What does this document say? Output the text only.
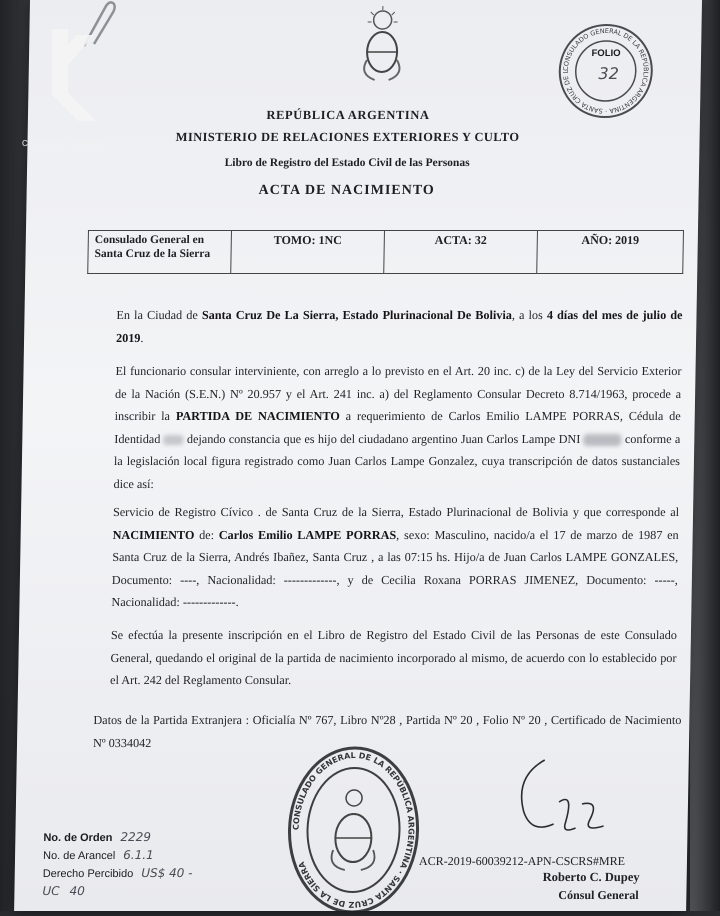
REPÚBLICA ARGENTINA
MINISTERIO DE RELACIONES EXTERIORES Y CULTO
Libro de Registro del Estado Civil de las Personas
ACTA DE NACIMIENTO
CONSULADO GENERAL DE LA REPÚBLICA ARGENTINA · SANTA CRUZ DE LA
FOLIO
32
Consulado General en Santa Cruz de la Sierra	TOMO: 1NC	ACTA: 32	AÑO: 2019
En la Ciudad de Santa Cruz De La Sierra, Estado Plurinacional De Bolivia, a los 4 días del mes de julio de 2019.
El funcionario consular interviniente, con arreglo a lo previsto en el Art. 20 inc. c) de la Ley del Servicio Exterior de la Nación (S.E.N.) Nº 20.957 y el Art. 241 inc. a) del Reglamento Consular Decreto 8.714/1963, procede a inscribir la PARTIDA DE NACIMIENTO a requerimiento de Carlos Emilio LAMPE PORRAS, Cédula de Identidad  dejando constancia que es hijo del ciudadano argentino Juan Carlos Lampe DNI	conforme a la legislación local figura registrado como Juan Carlos Lampe Gonzalez, cuya transcripción de datos sustanciales dice así:
Servicio de Registro Cívico . de Santa Cruz de la Sierra, Estado Plurinacional de Bolivia y que corresponde al NACIMIENTO de: Carlos Emilio LAMPE PORRAS, sexo: Masculino, nacido/a el 17 de marzo de 1987 en Santa Cruz de la Sierra, Andrés Ibañez, Santa Cruz , a las 07:15 hs. Hijo/a de Juan Carlos LAMPE GONZALES, Documento: ----, Nacionalidad: -------------, y de Cecilia Roxana PORRAS JIMENEZ, Documento: -----, Nacionalidad: -------------.
Se efectúa la presente inscripción en el Libro de Registro del Estado Civil de las Personas de este Consulado General, quedando el original de la partida de nacimiento incorporado al mismo, de acuerdo con lo establecido por el Art. 242 del Reglamento Consular.
Datos de la Partida Extranjera : Oficialía Nº 767, Libro Nº28 , Partida Nº 20 , Folio Nº 20 , Certificado de Nacimiento Nº 0334042
CONSULADO GENERAL DE LA REPÚBLICA ARGENTINA · SANTA CRUZ DE LA SIERRA	ACR-2019-60039212-APN-CSCRS#MRE
Roberto C. Dupey
Cónsul General
No. de Orden 2229
No. de Arancel 6.1.1
Derecho Percibido US$ 40 -
UC 40
CARLOS LAMPE
